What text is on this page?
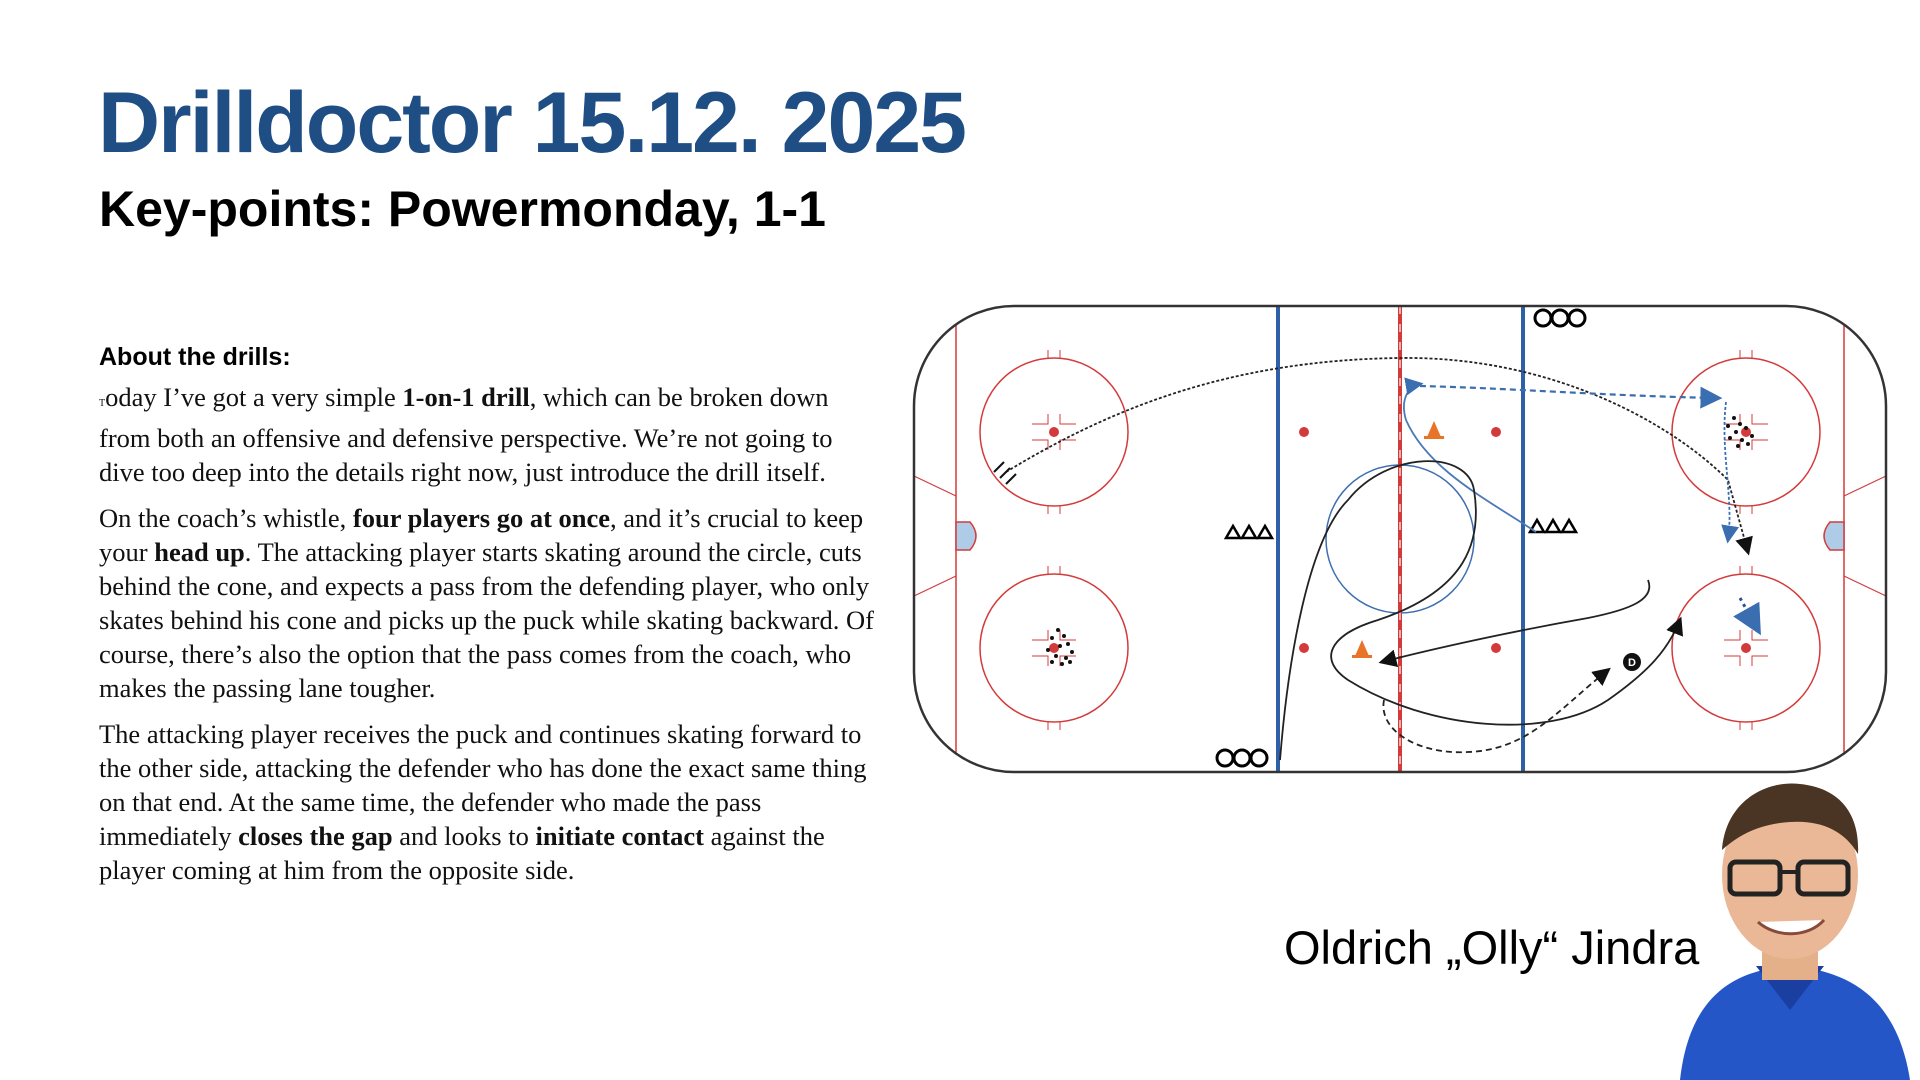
Drilldoctor 15.12. 2025
Key-points: Powermonday, 1-1
About the drills:

Today I’ve got a very simple 1-on-1 drill, which can be broken down from both an offensive and defensive perspective. We’re not going to dive too deep into the details right now, just introduce the drill itself.

On the coach’s whistle, four players go at once, and it’s crucial to keep your head up. The attacking player starts skating around the circle, cuts behind the cone, and expects a pass from the defending player, who only skates behind his cone and picks up the puck while skating backward. Of course, there’s also the option that the pass comes from the coach, who makes the passing lane tougher.

The attacking player receives the puck and continues skating forward to the other side, attacking the defender who has done the exact same thing on that end. At the same time, the defender who made the pass immediately closes the gap and looks to initiate contact against the player coming at him from the opposite side.

D
Oldrich „Olly“ Jindra
